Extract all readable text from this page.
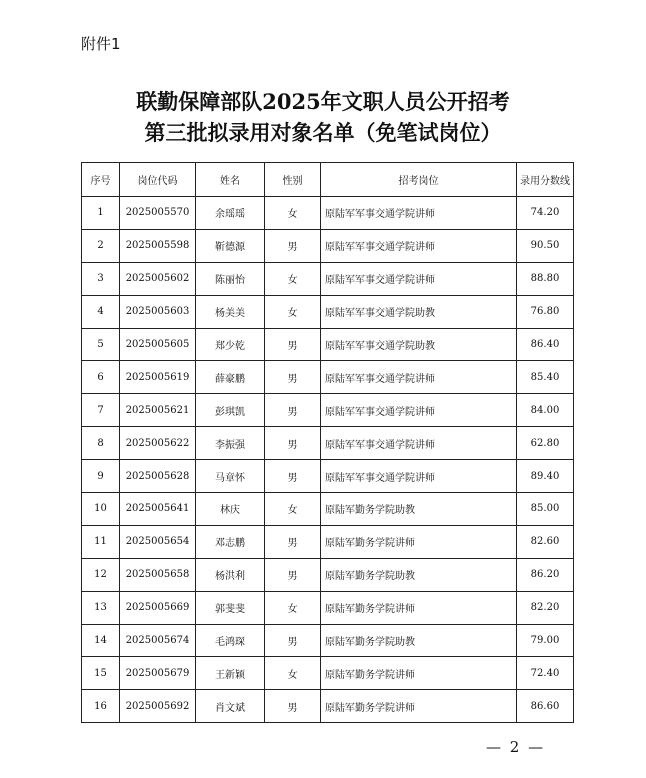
附件1
联勤保障部队2025年文职人员公开招考
第三批拟录用对象名单（免笔试岗位）
序号	岗位代码	姓名	性别	招考岗位	录用分数线
1	2025005570	余瑶瑶	女	原陆军军事交通学院讲师	74.20
2	2025005598	靳德源	男	原陆军军事交通学院讲师	90.50
3	2025005602	陈丽怡	女	原陆军军事交通学院讲师	88.80
4	2025005603	杨美美	女	原陆军军事交通学院助教	76.80
5	2025005605	郑少乾	男	原陆军军事交通学院助教	86.40
6	2025005619	薛豪鹏	男	原陆军军事交通学院讲师	85.40
7	2025005621	彭琪凯	男	原陆军军事交通学院讲师	84.00
8	2025005622	李振强	男	原陆军军事交通学院讲师	62.80
9	2025005628	马章怀	男	原陆军军事交通学院讲师	89.40
10	2025005641	林庆	女	原陆军勤务学院助教	85.00
11	2025005654	邓志鹏	男	原陆军勤务学院讲师	82.60
12	2025005658	杨洪利	男	原陆军勤务学院助教	86.20
13	2025005669	郭斐斐	女	原陆军勤务学院讲师	82.20
14	2025005674	毛鸿琛	男	原陆军勤务学院助教	79.00
15	2025005679	王新颖	女	原陆军勤务学院讲师	72.40
16	2025005692	肖文斌	男	原陆军勤务学院讲师	86.60
— 2 —
